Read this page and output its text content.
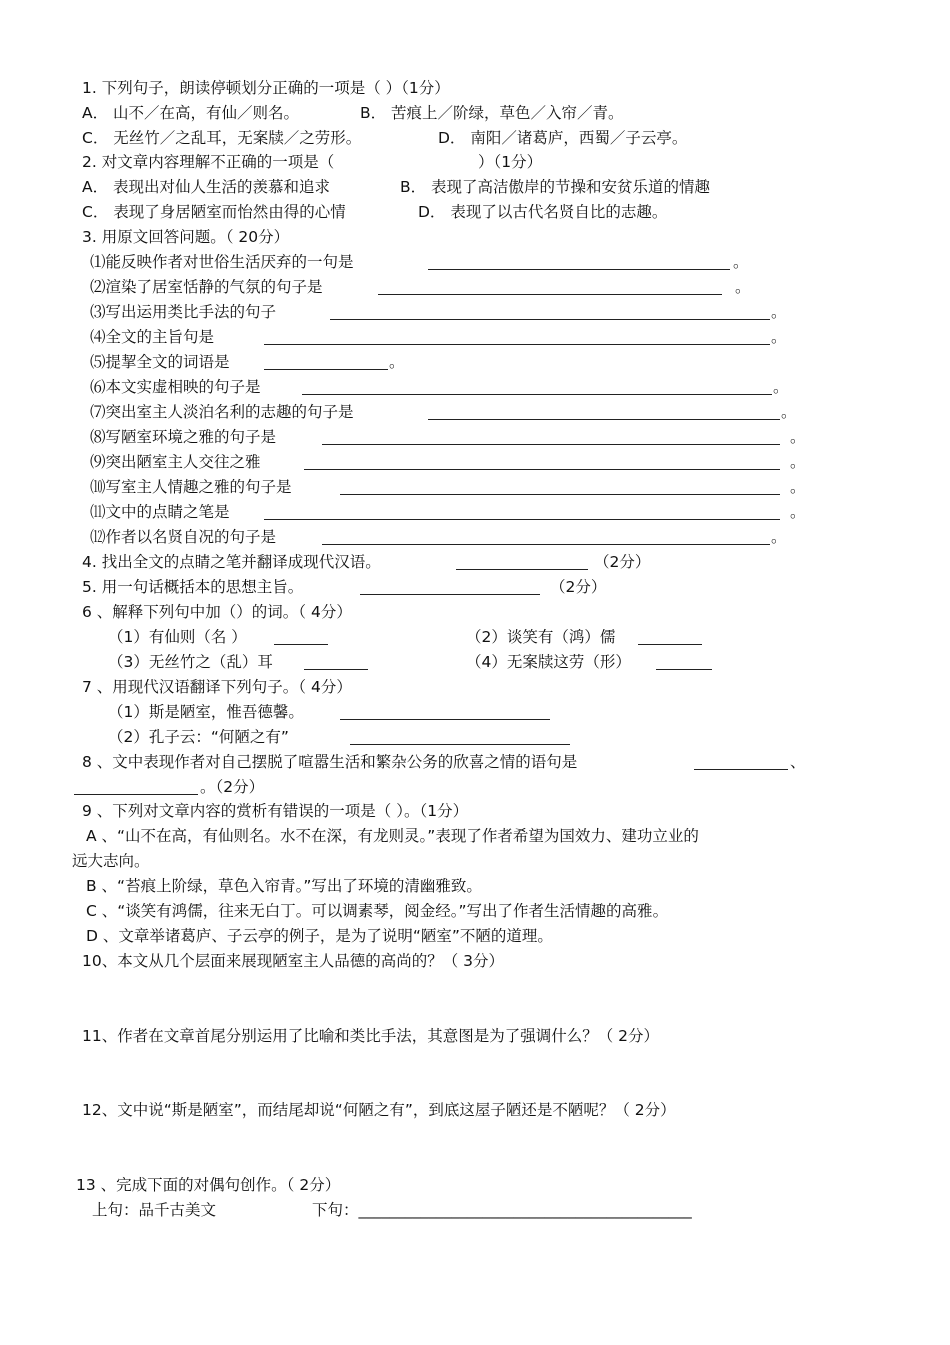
1. 下列句子，朗读停顿划分正确的一项是（ ）（1分）
A． 山不／在高，有仙／则名。	B． 苦痕上／阶绿，草色／入帘／青。
C． 无丝竹／之乱耳，无案牍／之劳形。	D． 南阳／诸葛庐，西蜀／子云亭。
2. 对文章内容理解不正确的一项是（	）（1分）
A． 表现出对仙人生活的羡慕和追求	B． 表现了高洁傲岸的节操和安贫乐道的情趣
C． 表现了身居陋室而怡然由得的心情	D． 表现了以古代名贤自比的志趣。
3. 用原文回答问题。（ 20分）
⑴能反映作者对世俗生活厌弃的一句是	。
⑵渲染了居室恬静的气氛的句子是	。
⑶写出运用类比手法的句子	。
⑷全文的主旨句是	。
⑸提挈全文的词语是	。
⑹本文实虚相映的句子是	。
⑺突出室主人淡泊名利的志趣的句子是	。
⑻写陋室环境之雅的句子是	。
⑼突出陋室主人交往之雅	。
⑽写室主人情趣之雅的句子是	。
⑾文中的点睛之笔是	。
⑿作者以名贤自况的句子是	。
4. 找出全文的点睛之笔并翻译成现代汉语。	（2分）
5. 用一句话概括本的思想主旨。	（2分）
6 、解释下列句中加（）的词。（ 4分）
（1）有仙则（名 ）	（2）谈笑有（鸿）儒
（3）无丝竹之（乱）耳	（4）无案牍这劳（形）
7 、用现代汉语翻译下列句子。（ 4分）
（1）斯是陋室，惟吾德馨。
（2）孔子云：“何陋之有”
8 、文中表现作者对自己摆脱了喧嚣生活和繁杂公务的欣喜之情的语句是	、
。（2分）
9 、下列对文章内容的赏析有错误的一项是（ ）。（1分）
A 、“山不在高，有仙则名。水不在深，有龙则灵。”表现了作者希望为国效力、建功立业的
远大志向。
B 、“苔痕上阶绿，草色入帘青。”写出了环境的清幽雅致。
C 、“谈笑有鸿儒，往来无白丁。可以调素琴，阅金经。”写出了作者生活情趣的高雅。
D 、文章举诸葛庐、子云亭的例子，是为了说明“陋室”不陋的道理。
10、本文从几个层面来展现陋室主人品德的高尚的？（ 3分）
11、作者在文章首尾分别运用了比喻和类比手法，其意图是为了强调什么？（ 2分）
12、文中说“斯是陋室”，而结尾却说“何陋之有”，到底这屋子陋还是不陋呢？（ 2分）
13 、完成下面的对偶句创作。（ 2分）
上句：品千古美文	下句：___________________________________________
